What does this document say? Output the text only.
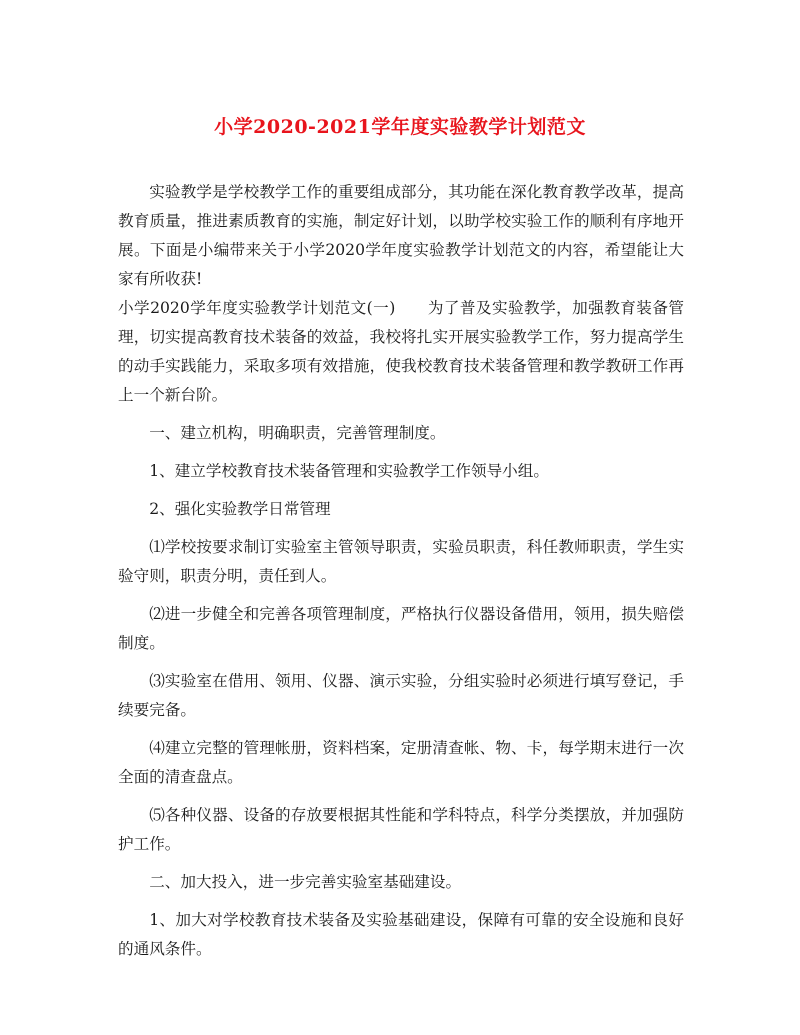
小学2020-2021学年度实验教学计划范文

实验教学是学校教学工作的重要组成部分，其功能在深化教育教学改革，提高教育质量，推进素质教育的实施，制定好计划，以助学校实验工作的顺利有序地开展。下面是小编带来关于小学2020学年度实验教学计划范文的内容，希望能让大家有所收获!

小学2020学年度实验教学计划范文(一)　　 为了普及实验教学，加强教育装备管理，切实提高教育技术装备的效益，我校将扎实开展实验教学工作，努力提高学生的动手实践能力，采取多项有效措施，使我校教育技术装备管理和教学教研工作再上一个新台阶。

一、建立机构，明确职责，完善管理制度。

1、建立学校教育技术装备管理和实验教学工作领导小组。

2、强化实验教学日常管理

⑴学校按要求制订实验室主管领导职责，实验员职责，科任教师职责，学生实验守则，职责分明，责任到人。

⑵进一步健全和完善各项管理制度，严格执行仪器设备借用，领用，损失赔偿制度。

⑶实验室在借用、领用、仪器、演示实验，分组实验时必须进行填写登记，手续要完备。

⑷建立完整的管理帐册，资料档案，定册清查帐、物、卡，每学期末进行一次全面的清查盘点。

⑸各种仪器、设备的存放要根据其性能和学科特点，科学分类摆放，并加强防护工作。

二、加大投入，进一步完善实验室基础建设。

1、加大对学校教育技术装备及实验基础建设，保障有可靠的安全设施和良好的通风条件。
